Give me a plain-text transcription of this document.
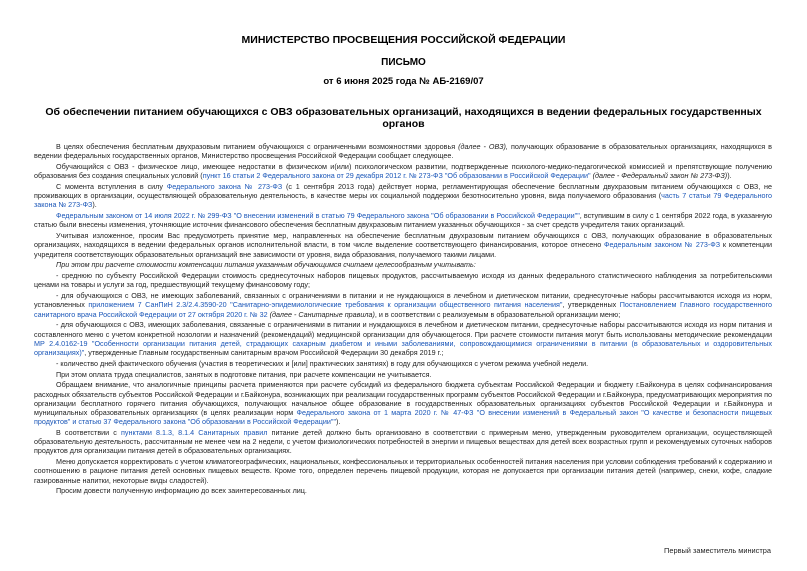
МИНИСТЕРСТВО ПРОСВЕЩЕНИЯ РОССИЙСКОЙ ФЕДЕРАЦИИ
ПИСЬМО
от 6 июня 2025 года № АБ-2169/07
Об обеспечении питанием обучающихся с ОВЗ образовательных организаций, находящихся в ведении федеральных государственных органов

В целях обеспечения бесплатным двухразовым питанием обучающихся с ограниченными возможностями здоровья (далее - ОВЗ), получающих образование в образовательных организациях, находящихся в ведении федеральных государственных органов, Министерство просвещения Российской Федерации сообщает следующее.

Обучающийся с ОВЗ - физическое лицо, имеющее недостатки в физическом и(или) психологическом развитии, подтвержденные психолого-медико-педагогической комиссией и препятствующие получению образования без создания специальных условий (пункт 16 статьи 2 Федерального закона от 29 декабря 2012 г. № 273-ФЗ "Об образовании в Российской Федерации" (далее - Федеральный закон № 273-ФЗ)).

С момента вступления в силу Федерального закона № 273-ФЗ (с 1 сентября 2013 года) действует норма, регламентирующая обеспечение бесплатным двухразовым питанием обучающихся с ОВЗ, не проживающих в организации, осуществляющей образовательную деятельность, в качестве меры их социальной поддержки безотносительно уровня, вида получаемого образования (часть 7 статьи 79 Федерального закона № 273-ФЗ).

Федеральным законом от 14 июля 2022 г. № 299-ФЗ "О внесении изменений в статью 79 Федерального закона "Об образовании в Российской Федерации"", вступившим в силу с 1 сентября 2022 года, в указанную статью были внесены изменения, уточняющие источник финансового обеспечения бесплатным двухразовым питанием указанных обучающихся - за счет средств учредителя таких организаций.

Учитывая изложенное, просим Вас предусмотреть принятие мер, направленных на обеспечение бесплатным двухразовым питанием обучающихся с ОВЗ, получающих образование в образовательных организациях, находящихся в ведении федеральных органов исполнительной власти, в том числе выделение соответствующего финансирования, которое отнесено Федеральным законом № 273-ФЗ к компетенции учредителя соответствующих образовательных организаций вне зависимости от уровня, вида образования, получаемого такими лицами.

При этом при расчете стоимости компенсации питания указанным обучающимся считаем целесообразным учитывать:

- среднюю по субъекту Российской Федерации стоимость среднесуточных наборов пищевых продуктов, рассчитываемую исходя из данных федерального статистического наблюдения за потребительскими ценами на товары и услуги за год, предшествующий текущему финансовому году;

- для обучающихся с ОВЗ, не имеющих заболеваний, связанных с ограничениями в питании и не нуждающихся в лечебном и диетическом питании, среднесуточные наборы рассчитываются исходя из норм, установленных приложением 7 СанПиН 2.3/2.4.3590-20 "Санитарно-эпидемиологические требования к организации общественного питания населения", утвержденных Постановлением Главного государственного санитарного врача Российской Федерации от 27 октября 2020 г. № 32 (далее - Санитарные правила), и в соответствии с реализуемым в образовательной организации меню;

- для обучающихся с ОВЗ, имеющих заболевания, связанные с ограничениями в питании и нуждающихся в лечебном и диетическом питании, среднесуточные наборы рассчитываются исходя из норм питания и составленного меню с учетом конкретной нозологии и назначений (рекомендаций) медицинской организации для обучающегося. При расчете стоимости питания могут быть использованы методические рекомендации МР 2.4.0162-19 "Особенности организации питания детей, страдающих сахарным диабетом и иными заболеваниями, сопровождающимися ограничениями в питании (в образовательных и оздоровительных организациях)", утвержденные Главным государственным санитарным врачом Российской Федерации 30 декабря 2019 г.;

- количество дней фактического обучения (участия в теоретических и [или] практических занятиях) в году для обучающихся с учетом режима учебной недели.

При этом оплата труда специалистов, занятых в подготовке питания, при расчете компенсации не учитывается.

Обращаем внимание, что аналогичные принципы расчета применяются при расчете субсидий из федерального бюджета субъектам Российской Федерации и бюджету г.Байконура в целях софинансирования расходных обязательств субъектов Российской Федерации и г.Байконура, возникающих при реализации государственных программ субъектов Российской Федерации и г.Байконура, предусматривающих мероприятия по организации бесплатного горячего питания обучающихся, получающих начальное общее образование в государственных образовательных организациях субъектов Российской Федерации и г.Байконура и муниципальных образовательных организациях (в целях реализации норм Федерального закона от 1 марта 2020 г. № 47-ФЗ "О внесении изменений в Федеральный закон "О качестве и безопасности пищевых продуктов" и статью 37 Федерального закона "Об образовании в Российской Федерации"").

В соответствии с пунктами 8.1.3, 8.1.4 Санитарных правил питание детей должно быть организовано в соответствии с примерным меню, утвержденным руководителем организации, осуществляющей образовательную деятельность, рассчитанным не менее чем на 2 недели, с учетом физиологических потребностей в энергии и пищевых веществах для детей всех возрастных групп и рекомендуемых суточных наборов продуктов для организации питания детей в образовательных организациях.

Меню допускается корректировать с учетом климатогеографических, национальных, конфессиональных и территориальных особенностей питания населения при условии соблюдения требований к содержанию и соотношению в рационе питания детей основных пищевых веществ. Кроме того, определен перечень пищевой продукции, которая не допускается при организации питания детей (например, снеки, кофе, сладкие газированные напитки, некоторые виды сладостей).

Просим довести полученную информацию до всех заинтересованных лиц.

Первый заместитель министра
